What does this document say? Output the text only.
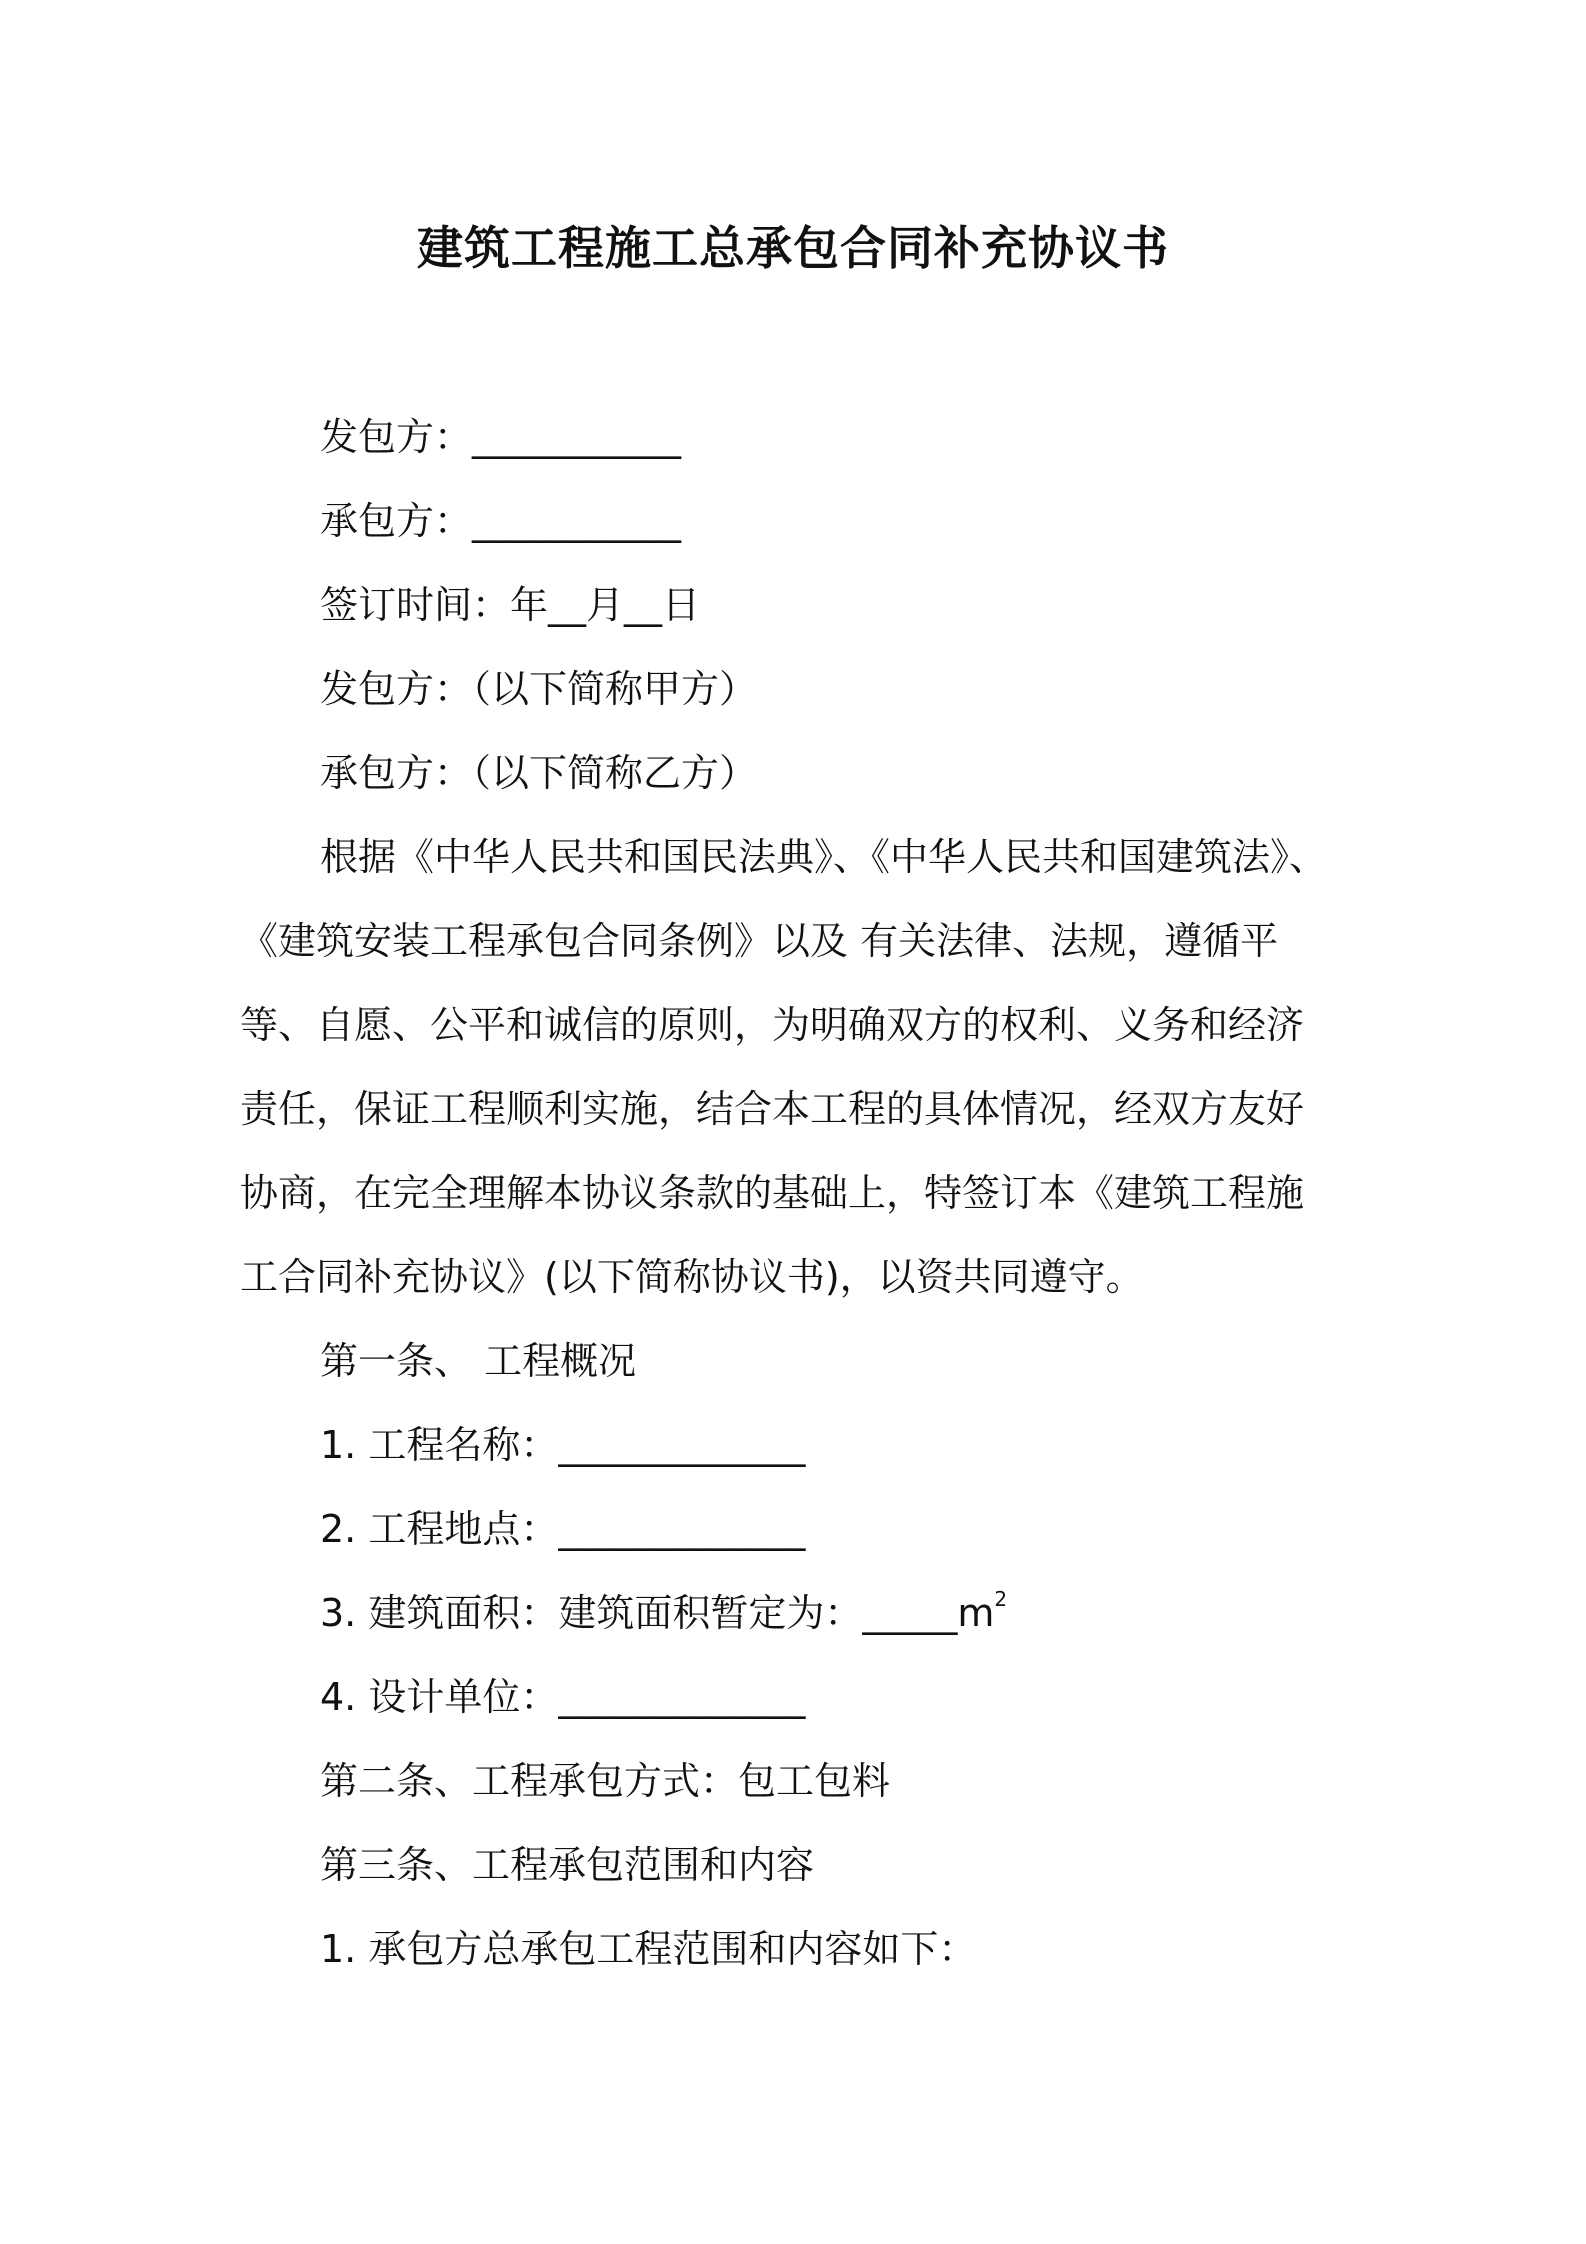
建筑工程施工总承包合同补充协议书

发包方：___________

承包方：___________

签订时间：年__月__日

发包方：（以下简称甲方）

承包方：（以下简称乙方）

根据《中华人民共和国民法典》、《中华人民共和国建筑法》、

《建筑安装工程承包合同条例》以及 有关法律、法规，遵循平

等、自愿、公平和诚信的原则，为明确双方的权利、义务和经济

责任，保证工程顺利实施，结合本工程的具体情况，经双方友好

协商，在完全理解本协议条款的基础上，特签订本《建筑工程施

工合同补充协议》(以下简称协议书)，以资共同遵守。

第一条、 工程概况

1. 工程名称：_____________

2. 工程地点：_____________

3. 建筑面积：建筑面积暂定为：$\_\_\_\_\_m^2$

4. 设计单位：_____________

第二条、工程承包方式：包工包料

第三条、工程承包范围和内容

1. 承包方总承包工程范围和内容如下：
